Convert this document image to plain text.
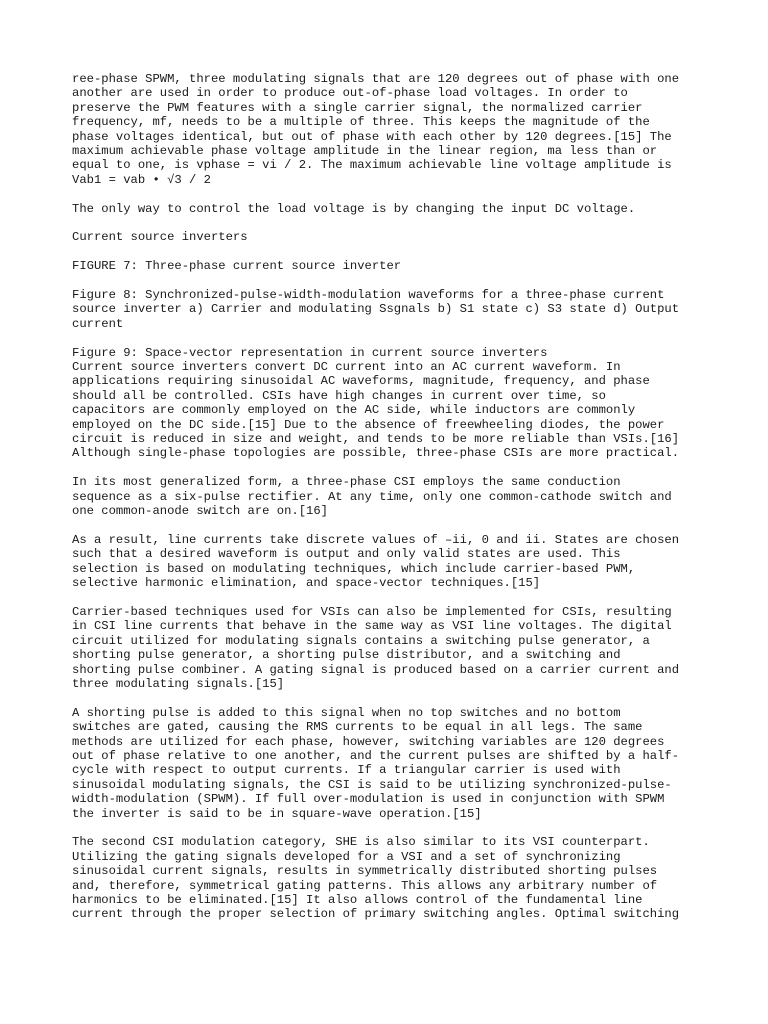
ree-phase SPWM, three modulating signals that are 120 degrees out of phase with one
another are used in order to produce out-of-phase load voltages. In order to
preserve the PWM features with a single carrier signal, the normalized carrier
frequency, mf, needs to be a multiple of three. This keeps the magnitude of the
phase voltages identical, but out of phase with each other by 120 degrees.[15] The
maximum achievable phase voltage amplitude in the linear region, ma less than or
equal to one, is vphase = vi / 2. The maximum achievable line voltage amplitude is
Vab1 = vab • √3 / 2

The only way to control the load voltage is by changing the input DC voltage.

Current source inverters

FIGURE 7: Three-phase current source inverter

Figure 8: Synchronized-pulse-width-modulation waveforms for a three-phase current
source inverter a) Carrier and modulating Ssgnals b) S1 state c) S3 state d) Output
current

Figure 9: Space-vector representation in current source inverters

Current source inverters convert DC current into an AC current waveform. In
applications requiring sinusoidal AC waveforms, magnitude, frequency, and phase
should all be controlled. CSIs have high changes in current over time, so
capacitors are commonly employed on the AC side, while inductors are commonly
employed on the DC side.[15] Due to the absence of freewheeling diodes, the power
circuit is reduced in size and weight, and tends to be more reliable than VSIs.[16]
Although single-phase topologies are possible, three-phase CSIs are more practical.

In its most generalized form, a three-phase CSI employs the same conduction
sequence as a six-pulse rectifier. At any time, only one common-cathode switch and
one common-anode switch are on.[16]

As a result, line currents take discrete values of –ii, 0 and ii. States are chosen
such that a desired waveform is output and only valid states are used. This
selection is based on modulating techniques, which include carrier-based PWM,
selective harmonic elimination, and space-vector techniques.[15]

Carrier-based techniques used for VSIs can also be implemented for CSIs, resulting
in CSI line currents that behave in the same way as VSI line voltages. The digital
circuit utilized for modulating signals contains a switching pulse generator, a
shorting pulse generator, a shorting pulse distributor, and a switching and
shorting pulse combiner. A gating signal is produced based on a carrier current and
three modulating signals.[15]

A shorting pulse is added to this signal when no top switches and no bottom
switches are gated, causing the RMS currents to be equal in all legs. The same
methods are utilized for each phase, however, switching variables are 120 degrees
out of phase relative to one another, and the current pulses are shifted by a half-
cycle with respect to output currents. If a triangular carrier is used with
sinusoidal modulating signals, the CSI is said to be utilizing synchronized-pulse-
width-modulation (SPWM). If full over-modulation is used in conjunction with SPWM
the inverter is said to be in square-wave operation.[15]

The second CSI modulation category, SHE is also similar to its VSI counterpart.
Utilizing the gating signals developed for a VSI and a set of synchronizing
sinusoidal current signals, results in symmetrically distributed shorting pulses
and, therefore, symmetrical gating patterns. This allows any arbitrary number of
harmonics to be eliminated.[15] It also allows control of the fundamental line
current through the proper selection of primary switching angles. Optimal switching
